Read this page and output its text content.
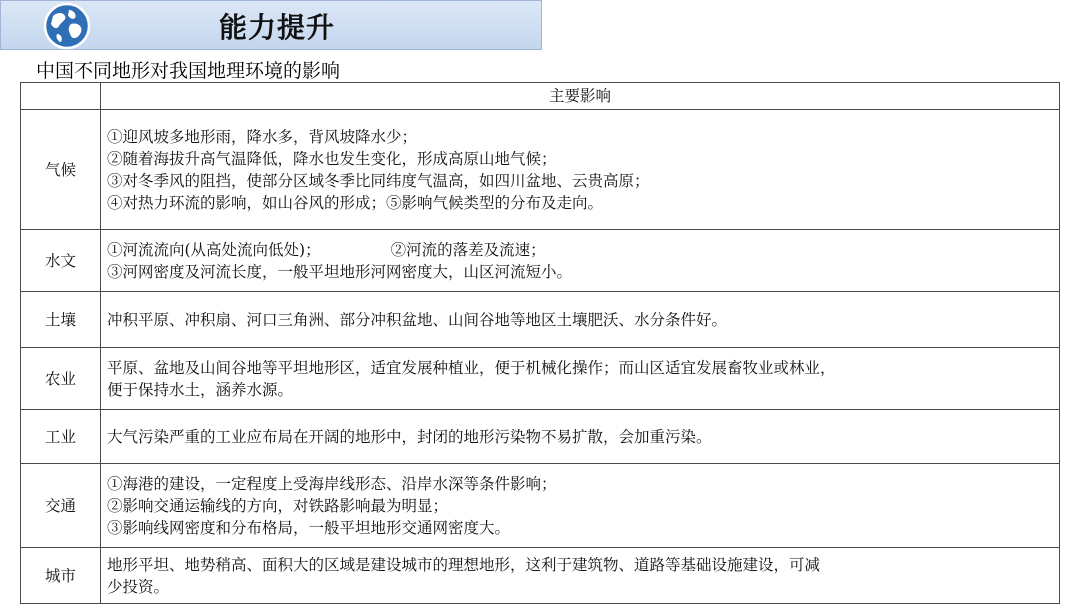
能力提升
中国不同地形对我国地理环境的影响
	主要影响
气候	①迎风坡多地形雨，降水多，背风坡降水少；
②随着海拔升高气温降低，降水也发生变化，形成高原山地气候；
③对冬季风的阻挡，使部分区域冬季比同纬度气温高，如四川盆地、云贵高原；
④对热力环流的影响，如山谷风的形成；⑤影响气候类型的分布及走向。

水文	①河流流向(从高处流向低处)； ②河流的落差及流速；
③河网密度及河流长度，一般平坦地形河网密度大，山区河流短小。

土壤	冲积平原、冲积扇、河口三角洲、部分冲积盆地、山间谷地等地区土壤肥沃、水分条件好。

农业	平原、盆地及山间谷地等平坦地形区，适宜发展种植业，便于机械化操作；而山区适宜发展畜牧业或林业，
便于保持水土，涵养水源。

工业	大气污染严重的工业应布局在开阔的地形中，封闭的地形污染物不易扩散，会加重污染。

交通	①海港的建设，一定程度上受海岸线形态、沿岸水深等条件影响；
②影响交通运输线的方向，对铁路影响最为明显；
③影响线网密度和分布格局，一般平坦地形交通网密度大。

城市	地形平坦、地势稍高、面积大的区域是建设城市的理想地形，这利于建筑物、道路等基础设施建设，可减
少投资。
